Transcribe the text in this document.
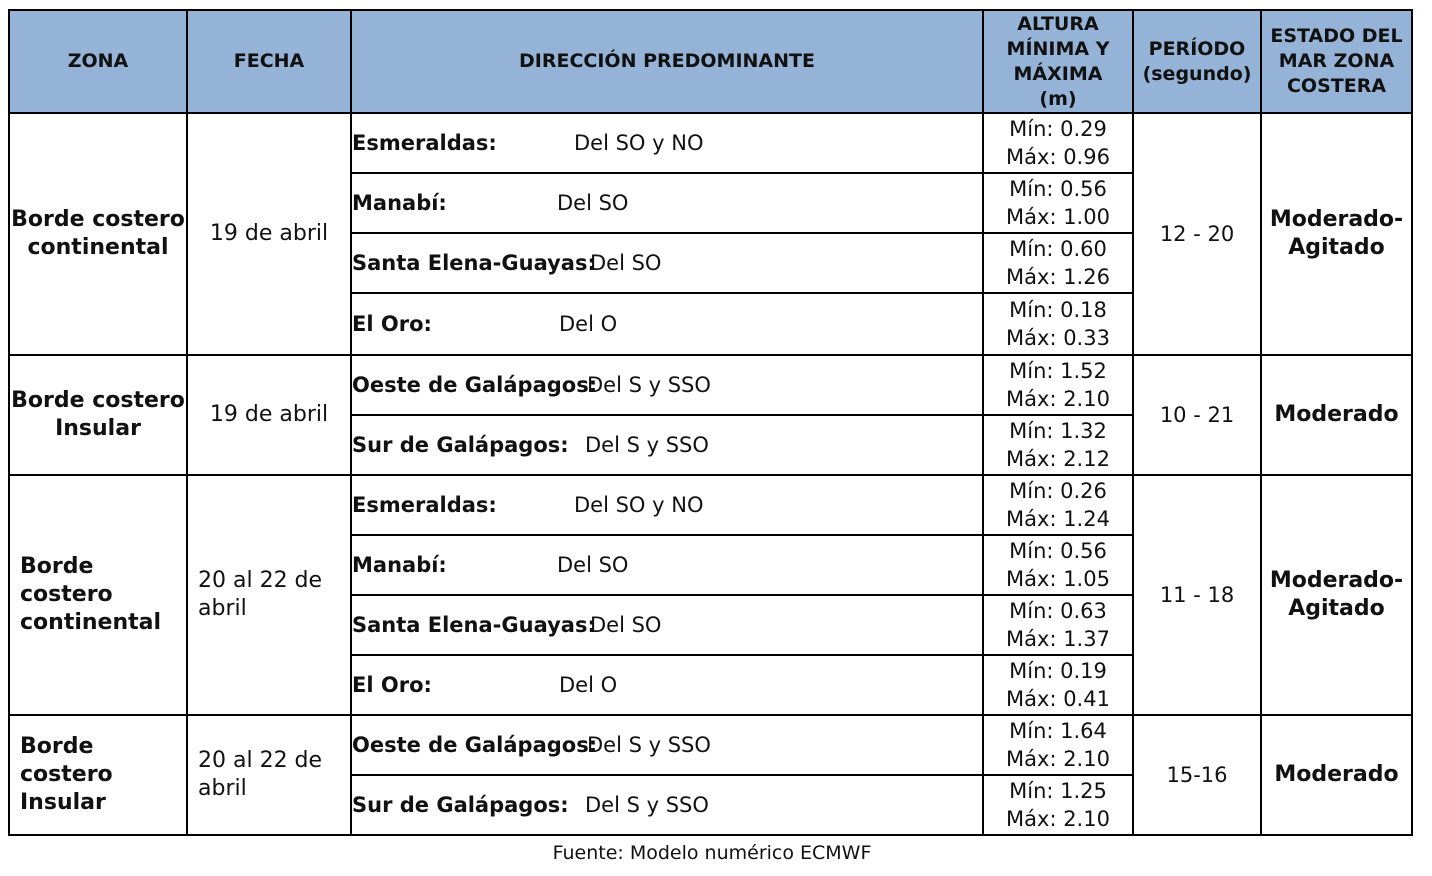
ZONA	FECHA	DIRECCIÓN PREDOMINANTE	ALTURA MÍNIMA Y MÁXIMA (m)	PERÍODO (segundo)	ESTADO DEL MAR ZONA COSTERA
Borde costero continental	19 de abril	Esmeraldas: Del SO y NO	Mín: 0.29
Máx: 0.96	12 - 20	Moderado-Agitado
		Manabí: Del SO	Mín: 0.56
Máx: 1.00		

		Santa Elena-Guayas:Del SO	Mín: 0.60
Máx: 1.26		

		El Oro: Del O	Mín: 0.18
Máx: 0.33		

Borde costero Insular	19 de abril	Oeste de Galápagos:Del S y SSO	Mín: 1.52
Máx: 2.10	10 - 21	Moderado
		Sur de Galápagos: Del S y SSO	Mín: 1.32
Máx: 2.12		

Borde costero continental	20 al 22 de abril	Esmeraldas: Del SO y NO	Mín: 0.26
Máx: 1.24	11 - 18	Moderado-Agitado
		Manabí: Del SO	Mín: 0.56
Máx: 1.05		

		Santa Elena-Guayas:Del SO	Mín: 0.63
Máx: 1.37		

		El Oro: Del O	Mín: 0.19
Máx: 0.41		

Borde costero Insular	20 al 22 de abril	Oeste de Galápagos:Del S y SSO	Mín: 1.64
Máx: 2.10	15-16	Moderado
		Sur de Galápagos: Del S y SSO	Mín: 1.25
Máx: 2.10		
Fuente: Modelo numérico ECMWF
